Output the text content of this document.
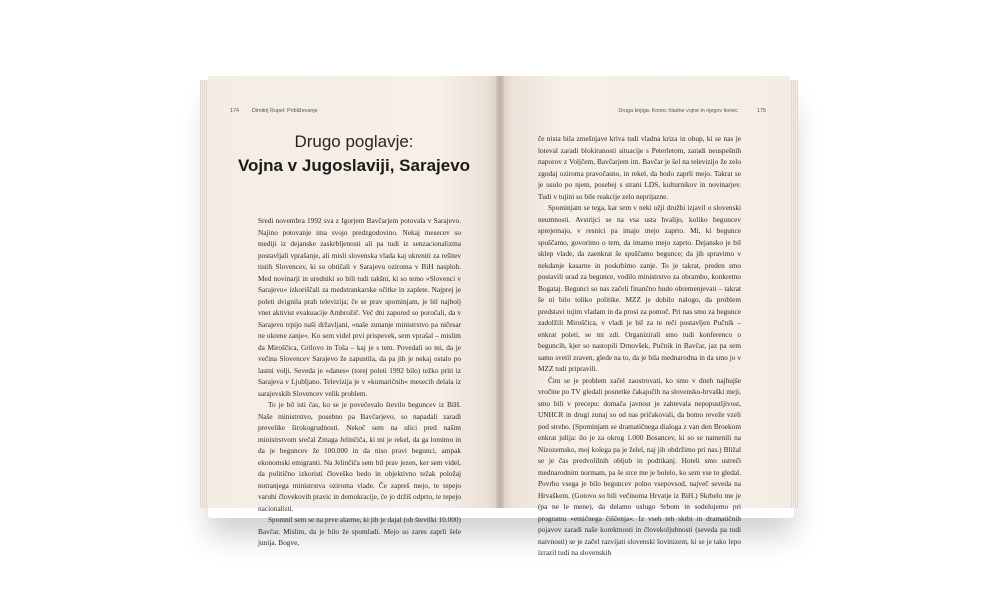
174 Dimitrij Rupel: Približevanje
Drugo poglavje:
Vojna v Jugoslaviji, Sarajevo

Sredi novembra 1992 sva z Igorjem Bavčarjem potovala v Sarajevo. Najino potovanje ima svojo predzgodovino. Nekaj mesecev so mediji iz dejanske zaskrbljenosti ali pa tudi iz senzacionalizma postavljali vprašanje, ali misli slovenska vlada kaj ukreniti za rešitev tistih Slovencev, ki so obtičali v Sarajevu oziroma v BiH nasploh. Med novinarji in uredniki so bili tudi takšni, ki so temo »Slovenci v Sarajevu« izkoriščali za medstrankarske očitke in zaplete. Najprej je poleti dvignila prah televizija; če se prav spominjam, je bil najbolj vnet aktivist evakuacije Ambrožič. Več dni zapored so poročali, da v Sarajevu trpijo naši državljani, »naše zunanje ministrstvo pa ničesar ne ukrene zanje«. Ko sem videl prvi prispevek, sem vprašal – mislim da Miroščica, Grilovo in Toša – kaj je s tem. Povedali so mi, da je večina Slovencev Sarajevo že zapustila, da pa jih je nekaj ostalo po lastni volji. Seveda je »danes« (torej poleti 1992 bilo) težko priti iz Sarajeva v Ljubljano. Televizija je v »kumaričnih« mesecih delala iz sarajevskih Slovencev velik problem.

To je bil isti čas, ko se je povečevalo število beguncev iz BiH. Naše ministrstvo, posebno pa Bavčarjevo, so napadali zaradi prevelike širokogrudnosti. Nekoč sem na ulici pred našim ministrstvom srečal Zmaga Jelinčiča, ki mi je rekel, da ga lomimo in da je beguncev že 100.000 in da niso pravi begunci, ampak ekonomski emigranti. Na Jelinčiča sem bil prav jezen, ker sem videl, da politično izkoristi človeško bedo in objektivno težak položaj notranjega ministrstva oziroma vlade. Če zapreš mejo, te tepejo varuhi človekovih pravic in demokracije, če jo držiš odprto, te tepejo nacionalisti.

Spomnil sem se na prve alarme, ki jih je dajal (ob številki 10.000) Bavčar. Mislim, da je bilo že spomladi. Mejo so zares zaprli šele junija. Bogve,

Druga knjiga: Konec hladne vojne in njegov konec	175

če nista bila zmešnjave kriva tudi vladna kriza in obup, ki se nas je loteval zaradi blokiranosti situacije s Peterletom, zaradi neuspešnih naporov z Voljčem, Bavčarjem itn. Bavčar je šel na televizijo že zelo zgodaj oziroma pravočasno, in rekel, da bodo zaprli mejo. Takrat se je usulo po njem, posebej s strani LDS, kulturnikov in novinarjev. Tudi v tujini so bile reakcije zelo neprijazne.

Spominjam se tega, kar sem v neki ožji družbi izjavil o slovenski neumnosti. Avstrijci se na vsa usta hvalijo, koliko beguncev sprejemajo, v resnici pa imajo mejo zaprto. Mi, ki begunce spuščamo, govorimo o tem, da imamo mejo zaprto. Dejansko je bil sklep vlade, da zaenkrat še spuščamo begunce; da jih spravimo v nekdanje kasarne in poskrbimo zanje. To je takrat, preden smo postavili urad za begunce, vodilo ministrstvo za obrambo, konkretno Bogataj. Begunci so nas začeli finančno hudo obremenjevati – takrat še ni bilo toliko politike. MZZ je dobilo nalogo, da problem predstavi tujim vladam in da prosi za pomoč. Pri nas smo za begunce zadolžili Miroščica, v vladi je bil za te reči postavljen Pučnik – enkrat poleti, se mi zdi. Organizirali smo tudi konferenco o beguncih, kjer so nastopili Drnovšek, Pučnik in Bavčar, jaz pa sem samo svetil zraven, glede na to, da je bila mednarodna in da smo jo v MZZ tudi pripravili.

Čim se je problem začel zaostrovati, ko smo v dneh najhujše vročine po TV gledali posnetke čakajočih na slovensko-hrvaški meji, smo bili v precepu: domača javnost je zahtevala nepopustljivost, UNHCR in drugi zunaj so od nas pričakovali, da bomo reveže vzeli pod streho. (Spominjam se dramatičnega dialoga z van den Broekom enkrat julija: ilo je za okrog 1.000 Bosancev, ki so se namenili na Nizozemsko, moj kolega pa je želel, naj jih obdržimo pri nas.) Bližal se je čas predvolilnih obljub in podtikanj. Hoteli smo ustreči mednarodnim normam, pa še srce me je bolelo, ko sem vse to gledal. Povrhu vsega je bilo beguncev polno vsepovsod, največ seveda na Hrvaškem. (Gotovo so bili večinoma Hrvatje iz BiH.) Skrbelo me je (pa ne le mene), da delamo uslugo Srbom in sodelujemo pri programu »etničnega čiščenja«. Iz vseh teh skrbi in dramatičnih pojavov zaradi naše korektnosti in človekoljubnosti (seveda pa tudi naivnosti) se je začel razvijati slovenski šovinizem, ki se je tako lepo izrazil tudi na slovenskih
